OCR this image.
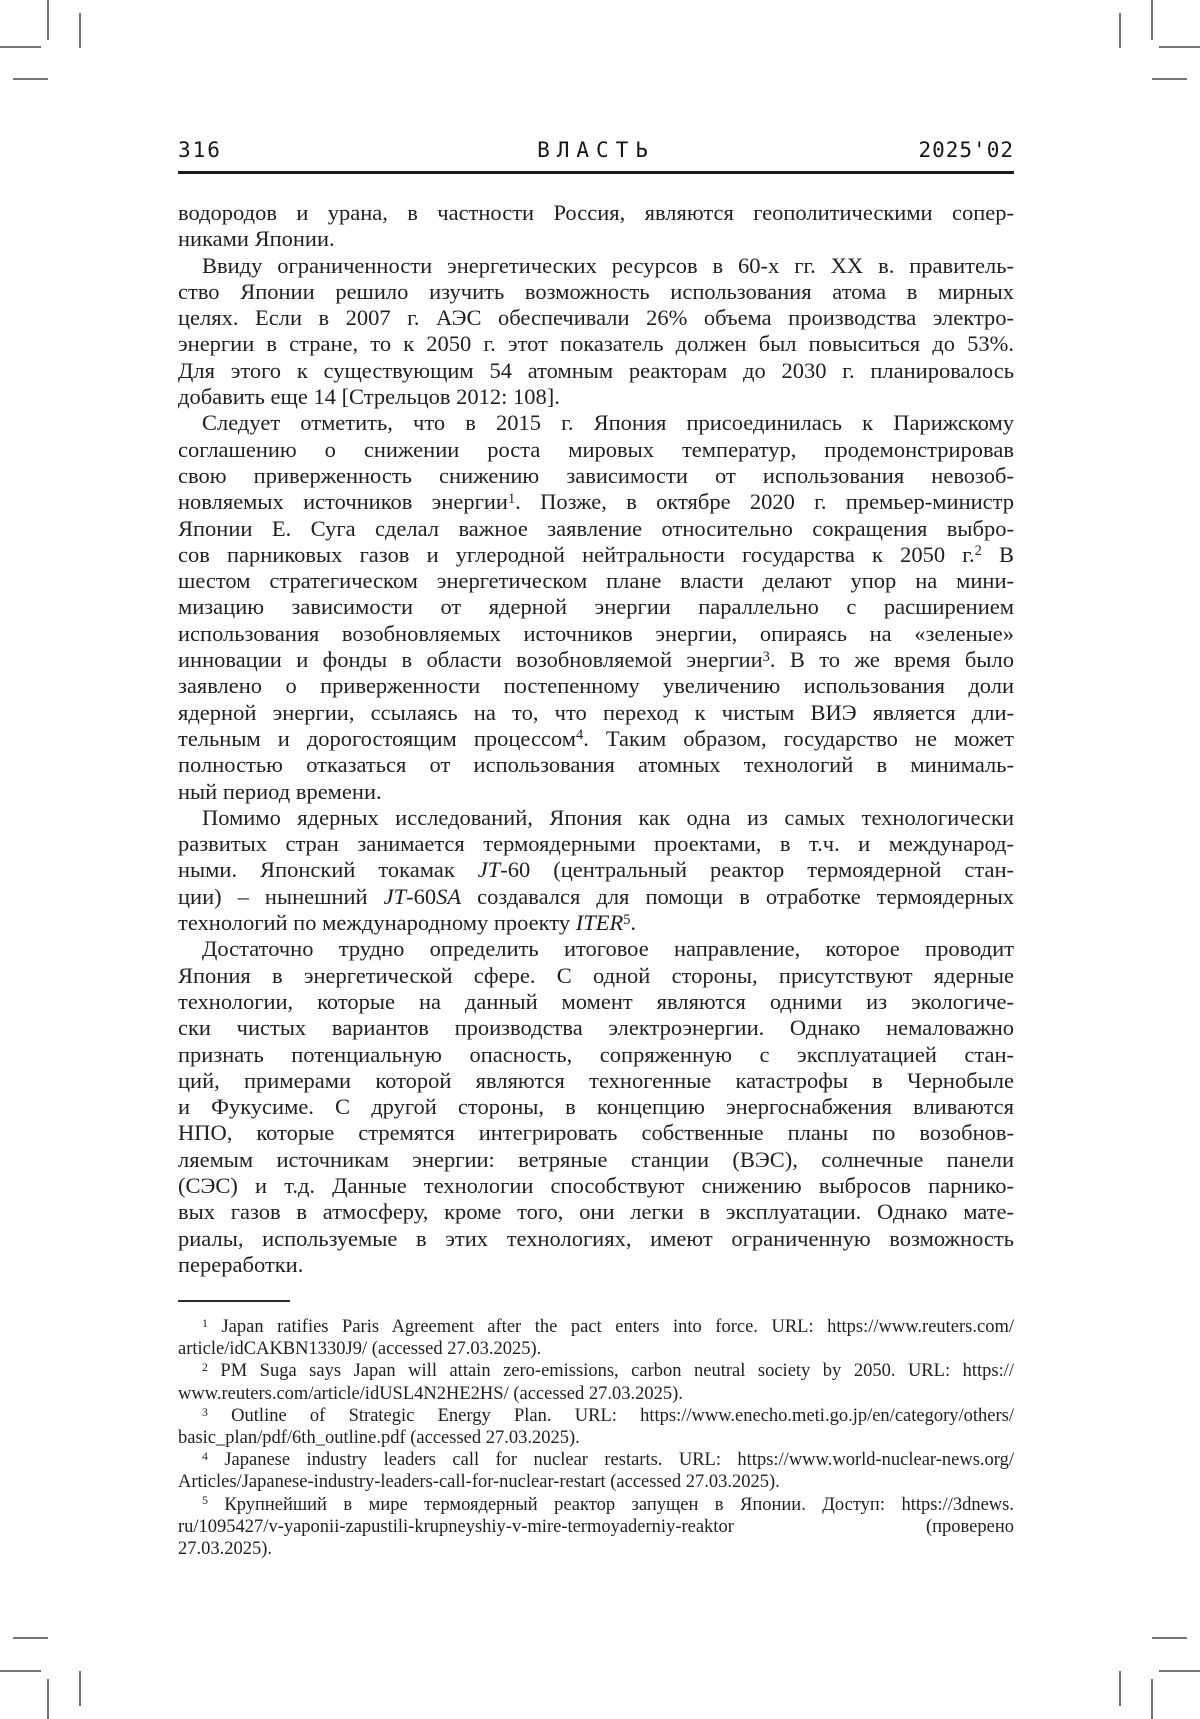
316	ВЛАСТЬ	2025'02
водородов и урана, в частности Россия, являются геополитическими сопер-
никами Японии.
Ввиду ограниченности энергетических ресурсов в 60-х гг. ХХ в. правитель-
ство Японии решило изучить возможность использования атома в мирных
целях. Если в 2007 г. АЭС обеспечивали 26% объема производства электро-
энергии в стране, то к 2050 г. этот показатель должен был повыситься до 53%.
Для этого к существующим 54 атомным реакторам до 2030 г. планировалось
добавить еще 14 [Стрельцов 2012: 108].
Следует отметить, что в 2015 г. Япония присоединилась к Парижскому
соглашению о снижении роста мировых температур, продемонстрировав
свою приверженность снижению зависимости от использования невозоб-
новляемых источников энергии$^1$. Позже, в октябре 2020 г. премьер-министр
Японии Е. Суга сделал важное заявление относительно сокращения выбро-
сов парниковых газов и углеродной нейтральности государства к 2050 г.$^2$ В
шестом стратегическом энергетическом плане власти делают упор на мини-
мизацию зависимости от ядерной энергии параллельно с расширением
использования возобновляемых источников энергии, опираясь на «зеленые»
инновации и фонды в области возобновляемой энергии$^3$. В то же время было
заявлено о приверженности постепенному увеличению использования доли
ядерной энергии, ссылаясь на то, что переход к чистым ВИЭ является дли-
тельным и дорогостоящим процессом$^4$. Таким образом, государство не может
полностью отказаться от использования атомных технологий в минималь-
ный период времени.
Помимо ядерных исследований, Япония как одна из самых технологически
развитых стран занимается термоядерными проектами, в т.ч. и международ-
ными. Японский токамак JT-60 (центральный реактор термоядерной стан-
ции) – нынешний JT-60SA создавался для помощи в отработке термоядерных
технологий по международному проекту ITER$^5$.
Достаточно трудно определить итоговое направление, которое проводит
Япония в энергетической сфере. С одной стороны, присутствуют ядерные
технологии, которые на данный момент являются одними из экологиче-
ски чистых вариантов производства электроэнергии. Однако немаловажно
признать потенциальную опасность, сопряженную с эксплуатацией стан-
ций, примерами которой являются техногенные катастрофы в Чернобыле
и Фукусиме. С другой стороны, в концепцию энергоснабжения вливаются
НПО, которые стремятся интегрировать собственные планы по возобнов-
ляемым источникам энергии: ветряные станции (ВЭС), солнечные панели
(СЭС) и т.д. Данные технологии способствуют снижению выбросов парнико-
вых газов в атмосферу, кроме того, они легки в эксплуатации. Однако мате-
риалы, используемые в этих технологиях, имеют ограниченную возможность
переработки.
$^1$ Japan ratifies Paris Agreement after the pact enters into force. URL: https://www.reuters.com/
article/idCAKBN1330J9/ (accessed 27.03.2025).
$^2$ PM Suga says Japan will attain zero-emissions, carbon neutral society by 2050. URL: https://
www.reuters.com/article/idUSL4N2HE2HS/ (accessed 27.03.2025).
$^3$ Outline of Strategic Energy Plan. URL: https://www.enecho.meti.go.jp/en/category/others/
basic_plan/pdf/6th_outline.pdf (accessed 27.03.2025).
$^4$ Japanese industry leaders call for nuclear restarts. URL: https://www.world-nuclear-news.org/
Articles/Japanese-industry-leaders-call-for-nuclear-restart (accessed 27.03.2025).
$^5$ Крупнейший в мире термоядерный реактор запущен в Японии. Доступ: https://3dnews.
ru/1095427/v-yaponii-zapustili-krupneyshiy-v-mire-termoyaderniy-reaktor (проверено
27.03.2025).
